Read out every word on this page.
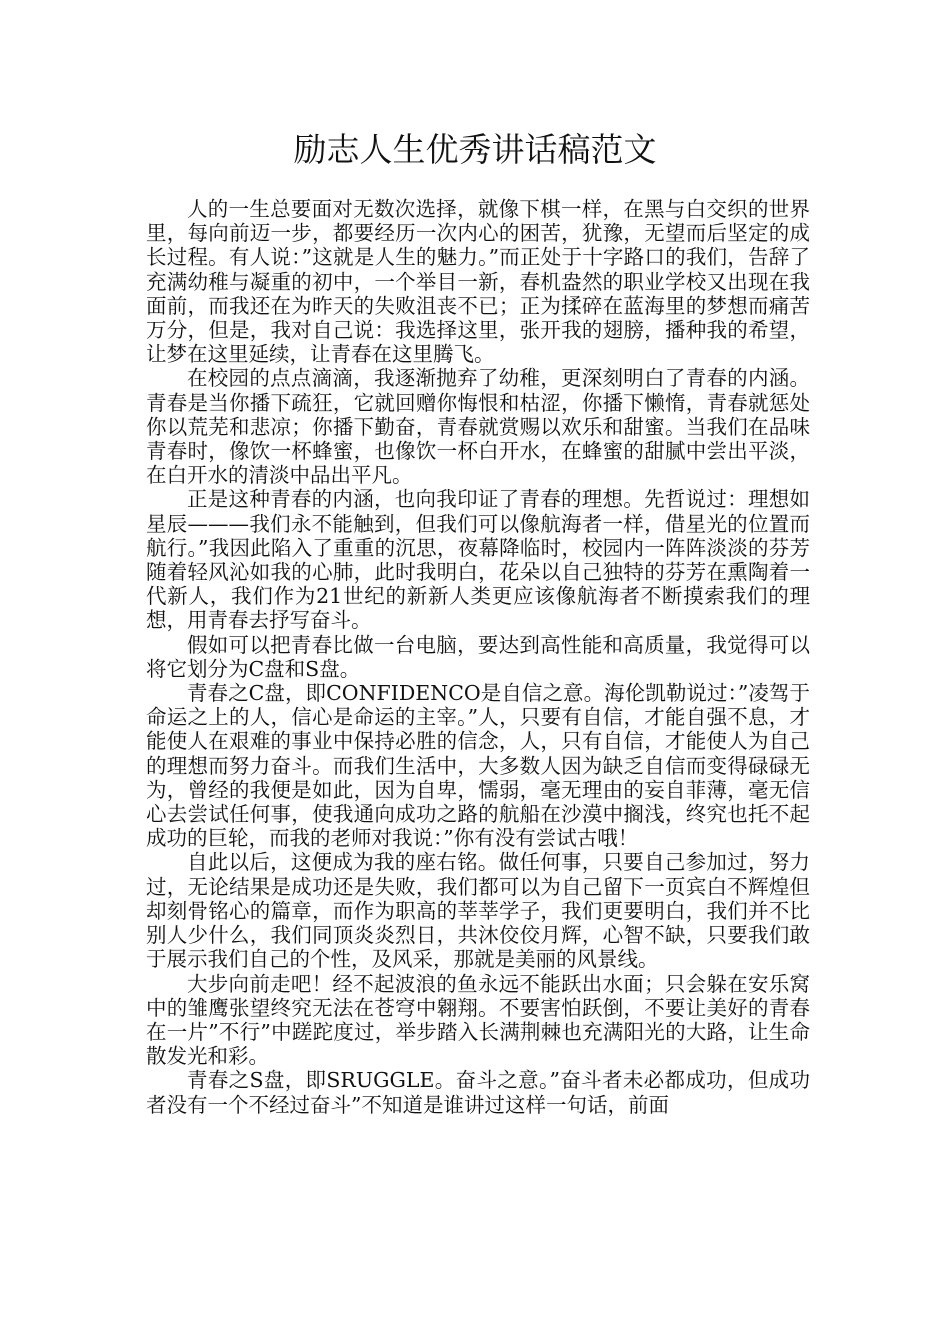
励志人生优秀讲话稿范文

人的一生总要面对无数次选择，就像下棋一样，在黑与白交织的世界里，每向前迈一步，都要经历一次内心的困苦，犹豫，无望而后坚定的成长过程。有人说：”这就是人生的魅力。”而正处于十字路口的我们，告辞了充满幼稚与凝重的初中，一个举目一新，春机盎然的职业学校又出现在我面前，而我还在为昨天的失败沮丧不已；正为揉碎在蓝海里的梦想而痛苦万分，但是，我对自己说：我选择这里，张开我的翅膀，播种我的希望，让梦在这里延续，让青春在这里腾飞。

在校园的点点滴滴，我逐渐抛弃了幼稚，更深刻明白了青春的内涵。青春是当你播下疏狂，它就回赠你悔恨和枯涩，你播下懒惰，青春就惩处你以荒芜和悲凉；你播下勤奋，青春就赏赐以欢乐和甜蜜。当我们在品味青春时，像饮一杯蜂蜜，也像饮一杯白开水，在蜂蜜的甜腻中尝出平淡，在白开水的清淡中品出平凡。

正是这种青春的内涵，也向我印证了青春的理想。先哲说过：理想如星辰———我们永不能触到，但我们可以像航海者一样，借星光的位置而航行。”我因此陷入了重重的沉思，夜幕降临时，校园内一阵阵淡淡的芬芳随着轻风沁如我的心肺，此时我明白，花朵以自己独特的芬芳在熏陶着一代新人，我们作为21世纪的新新人类更应该像航海者不断摸索我们的理想，用青春去抒写奋斗。

假如可以把青春比做一台电脑，要达到高性能和高质量，我觉得可以将它划分为C盘和S盘。

青春之C盘，即CONFIDENCO是自信之意。海伦凯勒说过：”凌驾于命运之上的人，信心是命运的主宰。”人，只要有自信，才能自强不息，才能使人在艰难的事业中保持必胜的信念，人，只有自信，才能使人为自己的理想而努力奋斗。而我们生活中，大多数人因为缺乏自信而变得碌碌无为，曾经的我便是如此，因为自卑，懦弱，毫无理由的妄自菲薄，毫无信心去尝试任何事，使我通向成功之路的航船在沙漠中搁浅，终究也托不起成功的巨轮，而我的老师对我说：”你有没有尝试古哦！

自此以后，这便成为我的座右铭。做任何事，只要自己参加过，努力过，无论结果是成功还是失败，我们都可以为自己留下一页宾白不辉煌但却刻骨铭心的篇章，而作为职高的莘莘学子，我们更要明白，我们并不比别人少什么，我们同顶炎炎烈日，共沐佼佼月辉，心智不缺，只要我们敢于展示我们自己的个性，及风采，那就是美丽的风景线。

大步向前走吧！经不起波浪的鱼永远不能跃出水面；只会躲在安乐窝中的雏鹰张望终究无法在苍穹中翱翔。不要害怕跃倒，不要让美好的青春在一片”不行”中蹉跎度过，举步踏入长满荆棘也充满阳光的大路，让生命散发光和彩。

青春之S盘，即SRUGGLE。奋斗之意。”奋斗者未必都成功，但成功者没有一个不经过奋斗”不知道是谁讲过这样一句话，前面
